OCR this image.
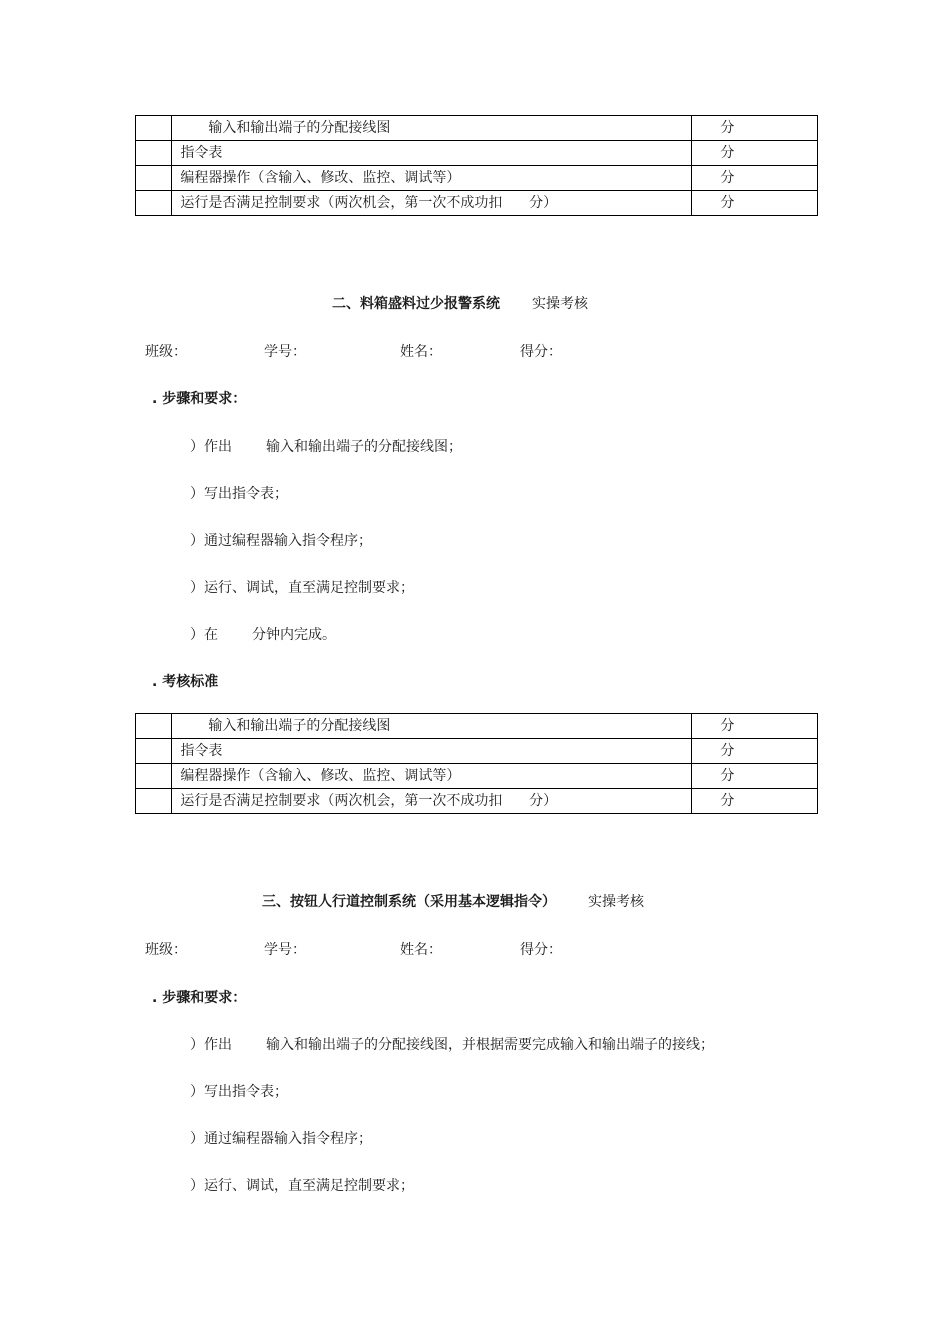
	输入和输出端子的分配接线图	分
	指令表	分
	编程器操作（含输入、修改、监控、调试等）	分
	运行是否满足控制要求（两次机会，第一次不成功扣      分）	分
二、料箱盛料过少报警系统 实操考核
班级：	学号：	姓名：	得分：
. 步骤和要求：
）作出 输入和输出端子的分配接线图；
）写出指令表；
）通过编程器输入指令程序；
）运行、调试，直至满足控制要求；
）在 分钟内完成。
. 考核标准
	输入和输出端子的分配接线图	分
	指令表	分
	编程器操作（含输入、修改、监控、调试等）	分
	运行是否满足控制要求（两次机会，第一次不成功扣      分）	分
三、按钮人行道控制系统（采用基本逻辑指令） 实操考核
班级：	学号：	姓名：	得分：
. 步骤和要求：
）作出 输入和输出端子的分配接线图，并根据需要完成输入和输出端子的接线；
）写出指令表；
）通过编程器输入指令程序；
）运行、调试，直至满足控制要求；
